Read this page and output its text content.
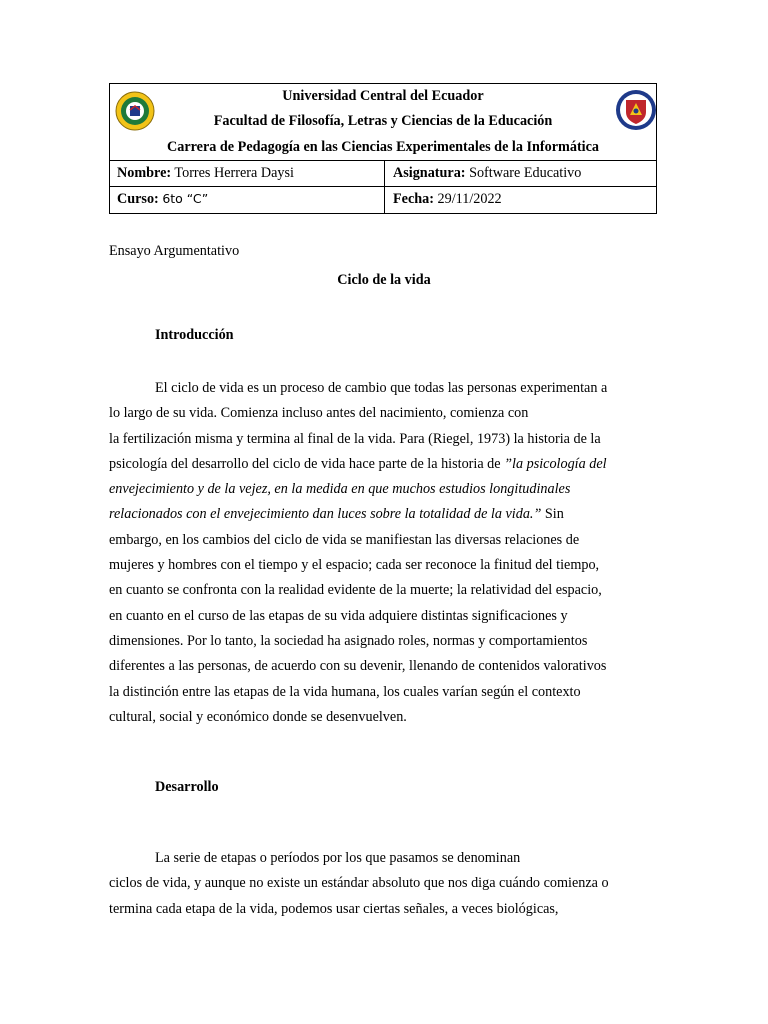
Universidad Central del Ecuador
Facultad de Filosofía, Letras y Ciencias de la Educación
Carrera de Pedagogía en las Ciencias Experimentales de la Informática
Nombre: Torres Herrera Daysi	Asignatura: Software Educativo
Curso: 6to “C”	Fecha: 29/11/2022
Ensayo Argumentativo
Ciclo de la vida
Introducción
El ciclo de vida es un proceso de cambio que todas las personas experimentan a
lo largo de su vida. Comienza incluso antes del nacimiento, comienza con
la fertilización misma y termina al final de la vida. Para (Riegel, 1973) la historia de la
psicología del desarrollo del ciclo de vida hace parte de la historia de ”la psicología del
envejecimiento y de la vejez, en la medida en que muchos estudios longitudinales
relacionados con el envejecimiento dan luces sobre la totalidad de la vida.” Sin
embargo, en los cambios del ciclo de vida se manifiestan las diversas relaciones de
mujeres y hombres con el tiempo y el espacio; cada ser reconoce la finitud del tiempo,
en cuanto se confronta con la realidad evidente de la muerte; la relatividad del espacio,
en cuanto en el curso de las etapas de su vida adquiere distintas significaciones y
dimensiones. Por lo tanto, la sociedad ha asignado roles, normas y comportamientos
diferentes a las personas, de acuerdo con su devenir, llenando de contenidos valorativos
la distinción entre las etapas de la vida humana, los cuales varían según el contexto
cultural, social y económico donde se desenvuelven.
Desarrollo
La serie de etapas o períodos por los que pasamos se denominan
ciclos de vida, y aunque no existe un estándar absoluto que nos diga cuándo comienza o
termina cada etapa de la vida, podemos usar ciertas señales, a veces biológicas,
